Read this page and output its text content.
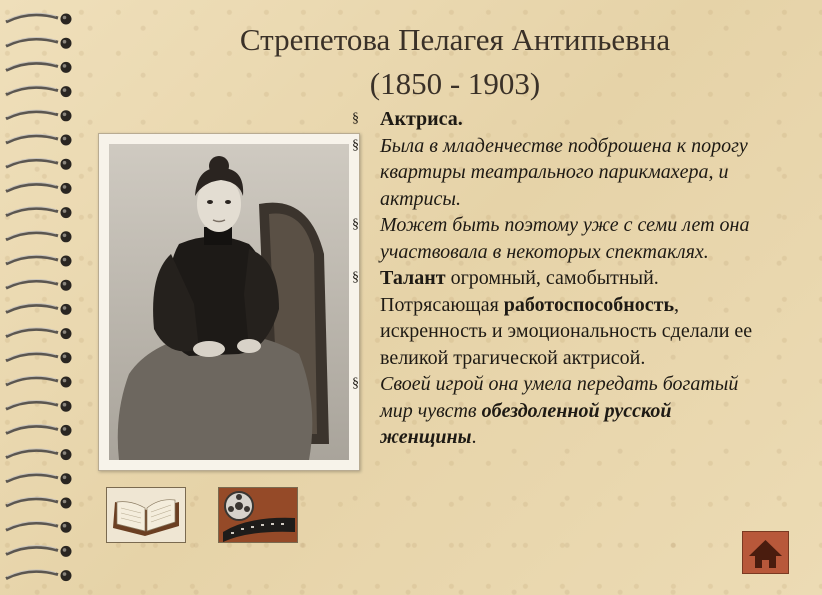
Стрепетова Пелагея Антипьевна
(1850 - 1903)
§ Актриса.
§ Была в младенчестве подброшена к порогу квартиры театрального парикмахера, и актрисы.
§ Может быть поэтому уже с семи лет она участвовала в некоторых спектаклях.
§ Талант огромный, самобытный. Потрясающая работоспособность, искренность и эмоциональность сделали ее великой трагической актрисой.
§ Своей игрой она умела передать богатый мир чувств обездоленной русской женщины.
